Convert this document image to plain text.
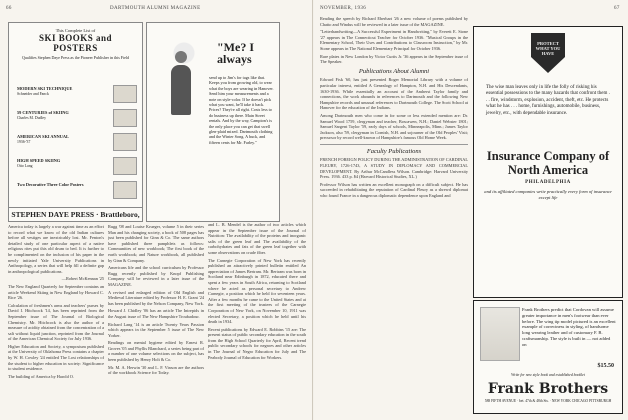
66	DARTMOUTH ALUMNI MAGAZINE
This Complete List of
SKI BOOKS and
POSTERS
Qualifies Stephen Daye Press as the Pioneer Publisher in this Field
MODERN SKI TECHNIQUE
Schneider and Fanck
59 CENTURIES of SKIING
Charles M. Dudley
AMERICAN SKI ANNUAL
1936-'37
HIGH SPEED SKIING
Otto Lang
Two Decorative Three Color Posters
STEPHEN DAYE PRESS · Brattleboro,
"Me? I always
send up to Jim's for tags like that. Keeps you from growing old, to wear what the boys are wearing in Hanover. Send him your measurements and a note on style-color. If he doesn't pick what you want, he'll take it back. Prices? They're all right. Costs less to do business up there. Main Street rentals. And by the way, Campion's is the only place you can get that swell glen-plaid mixed. Dartmouth clothing and the Winter Song. A buck, and fifteen cents for Mr. Farley."

America today is largely a war against time as an effort to record what we know of the old Indian cultures before all vestiges are inextricably lost. Mr. Fenton's detailed study of one particular aspect of a native religious rites put this old drum to bed. It is further to be complimented on the inclusion of his paper in the newly initiated Yale University Publications in Anthropology, a series that will help fill a definite gap in anthropological publications.

—Robert McKennan '25

The New England Quarterly for September contains an article Weekend Skiing in New England by Howard C. Rice '26.

Calculation of freshmen's arms and teachers' purses by David I. Hitchcock '14, has been reprinted from the September issue of The Journal of Biological Chemistry. Mr. Hitchcock is also the author of a measure of acidity obtained from the concentration of a salt without liquid junction, reprinted from the Journal of the American Chemical Society for July 1936.

Higher Education and Society, a symposium published at the University of Oklahoma Press contains a chapter by W. H. Cowley '24 entitled The Lost relationships of the student to higher education in society: Significance to student residence.

The building of America by Harold O.

Rugg '08 and Louise Krueger, volume 5 in their series Man and his changing society, a book of 508 pages has just been published for Ginn & Co. The same authors have published three pamphlets as follows: Communities of new workbook; The first book of the earth workbook; and Nature workbook, all published by Ginn & Company.

Americans life and the school curriculum by Professor Rugg recently published by Knopf Publishing Company will be reviewed in a later issue of the MAGAZINE.

A revised and enlarged edition of Old English and Medieval Literature edited by Professor H. E. Grant '24 has been published by the Nelson Company, New York.

Howard J. Chidley '06 has an article The Intrepids in the August issue of The New Hampshire Troubadour.

Richard Lang '14 is an article Twenty Years Passion which appears in the September 5 issue of The New Yorker.

Readings on mental hygiene edited by Ernest R. Groves '05 and Phyllis Blanchard, a series being part of a number of one volume selections on the subject, has been published by Henry Holt & Co.

Mr. M. A. Herwin '30 and L. F. Vinson are the authors of the workbook Science for Today.

and L. B. Mendel is the author of two articles which appear in the September issue of the Journal of Nutrition: The availability of the proteins and inorganic salts of the green leaf and The availability of the carbohydrates and fats of the green leaf together with some observations on crude fiber.

The Carnegie Corporation of New York has recently published an attractively printed bulletin entitled An appreciation of James Bertram. Mr. Bertram was born in Scotland near Edinburgh in 1872, educated there and spent a few years in South Africa, returning to Scotland where he acted as personal secretary to Andrew Carnegie, a position which he held for seventeen years. After a few months he came to the United States and at the first meeting of the trustees of the Carnegie Corporation of New York, on November 10, 1911 was elected Secretary, a position which he held until his death in 1934.

Recent publications by Edward E. Robbins '15 are: The present status of public secondary education in the south from the High School Quarterly for April, Recent trend public secondary schools for negroes and other articles in The Journal of Negro Education for July and The Peabody Journal of Education for Workers.

NOVEMBER, 1936	67

Reading the speech by Richard Eberhart '26 a new volume of poems published by Chatto and Windus will be reviewed in a later issue of the MAGAZINE.

"Letterhandwriting—A Successful Experiment in Handwriting," by Everett E. Stone '27 appears in The Connecticut Teacher for October 1936. "Musical Groups in the Elementary School, Their Uses and Contributions to Classroom Instruction," by Mr. Stone appears in The National Elementary Principal for October 1936.

Rare plates in New London by Victor Curtis Jr. '36 appears in the September issue of The Speaker.

Publications About Alumni

Edward Fisk '60, has just presented Roger Memorial Library with a volume of particular interest, entitled A Genealogy of Hampton, N.H. and His Descendants, 1630-1936. While essentially an account of the Amherst Taylor family and connections, the work abounds in references to Dartmouth and the following New Hampshire records and unusual references to Dartmouth College. The Scott School at Hanover for the education of the Indians.

Among Dartmouth men who come in for some or less extended mention are: Dr. Samuel Wood 1759, clergyman and teacher, Boscawen, N.H.; Daniel Webster 1801; Samuel Sargent Taylor '59, early days of schools, Minneapolis, Minn.; James Taylor Jackson, also '59, clergyman in Cornish, N.H. and sojourner of the Old Peoples' Visit; precursor by record well-known of Hampshire's famous Old Home Week.

Faculty Publications

FRENCH FOREIGN POLICY DURING THE ADMINISTRATION OF CARDINAL FLEURY, 1726-1743, A STUDY IN DIPLOMACY AND COMMERCIAL DEVELOPMENT. By Arthur McCandless Wilson. Cambridge: Harvard University Press. 1936. 433 p. $4 (Harvard Historical Studies, XL.)

Professor Wilson has written an excellent monograph on a difficult subject. He has succeeded in rehabilitating the reputation of Cardinal Fleury as a shrewd diplomat who found France in a dangerous diplomatic dependence upon England and

PROTECT
WHAT YOU
HAVE
The wise man leaves only in life the folly of risking his essential possessions to the many hazards that confront them . . . fire, windstorm, explosion, accident, theft, etc. He protects what he has . . . home, furnishings, automobile, business, jewelry, etc., with dependable insurance.
Insurance Company of
North America
PHILADELPHIA
and its affiliated companies write practically every form of insurance except life
Frank Brothers predict that Cordovan will assume greater importance in men's footwear than ever before. The wing tip model pictured is an excellent example of correctness in styling, of handsome long wearing leather and of customary F. B. craftsmanship. The style is built in — not added on
$15.50
Write for new style book and established booklet
Frank Brothers
588 FIFTH AVENUE · bet. 47th & 48th Sts. · NEW YORK CHICAGO PITTSBURGH
